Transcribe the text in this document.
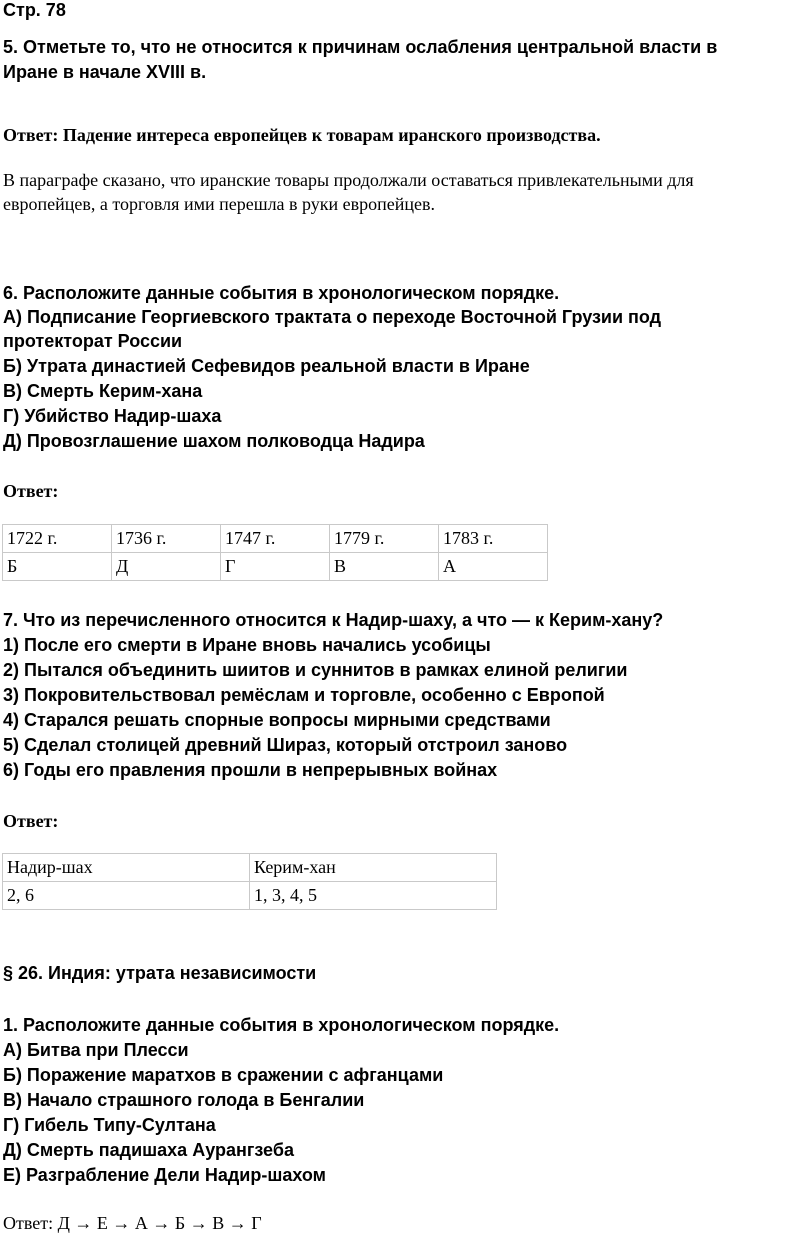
Стр. 78
5. Отметьте то, что не относится к причинам ослабления центральной власти в
Иране в начале XVIII в.
Ответ: Падение интереса европейцев к товарам иранского производства.
В параграфе сказано, что иранские товары продолжали оставаться привлекательными для
европейцев, а торговля ими перешла в руки европейцев.
6. Расположите данные события в хронологическом порядке.
А) Подписание Георгиевского трактата о переходе Восточной Грузии под
протекторат России
Б) Утрата династией Сефевидов реальной власти в Иране
В) Смерть Керим-хана
Г) Убийство Надир-шаха
Д) Провозглашение шахом полководца Надира
Ответ:
1722 г.	1736 г.	1747 г.	1779 г.	1783 г.
Б	Д	Г	В	А
7. Что из перечисленного относится к Надир-шаху, а что — к Керим-хану?
1) После его смерти в Иране вновь начались усобицы
2) Пытался объединить шиитов и суннитов в рамках елиной религии
3) Покровительствовал ремёслам и торговле, особенно с Европой
4) Старался решать спорные вопросы мирными средствами
5) Сделал столицей древний Шираз, который отстроил заново
6) Годы его правления прошли в непрерывных войнах
Ответ:
Надир-шах	Керим-хан
2, 6	1, 3, 4, 5
§ 26. Индия: утрата независимости
1. Расположите данные события в хронологическом порядке.
А) Битва при Плесси
Б) Поражение маратхов в сражении с афганцами
В) Начало страшного голода в Бенгалии
Г) Гибель Типу-Султана
Д) Смерть падишаха Аурангзеба
Е) Разграбление Дели Надир-шахом
Ответ: Д → Е → А → Б → В → Г
